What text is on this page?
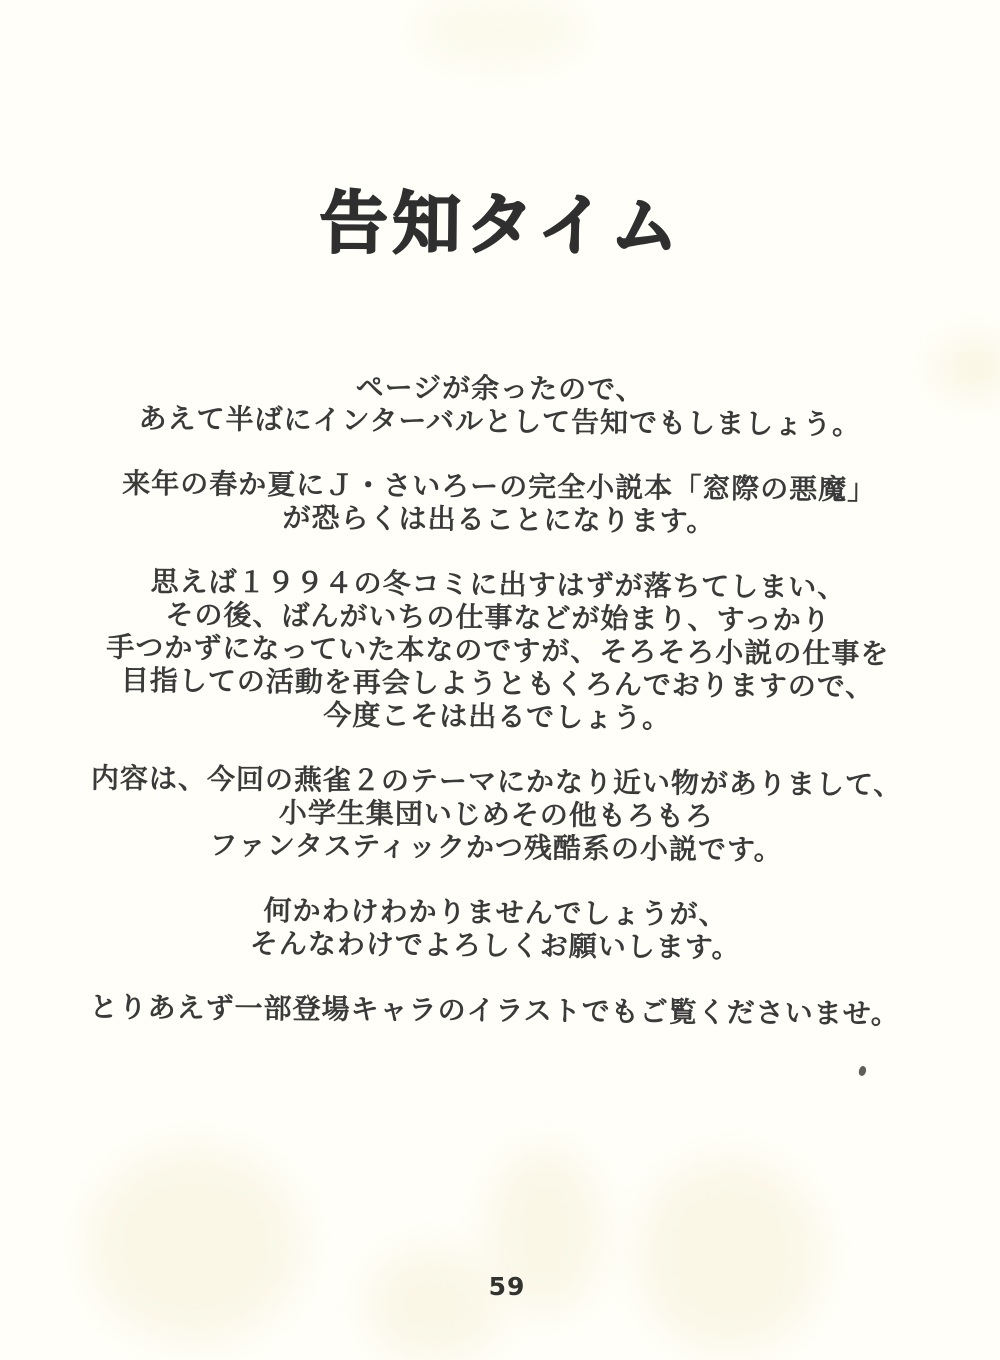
告知タイム

ページが余ったので、
あえて半ばにインターバルとして告知でもしましょう。

来年の春か夏にＪ・さいろーの完全小説本「窓際の悪魔」
が恐らくは出ることになります。

思えば１９９４の冬コミに出すはずが落ちてしまい、
その後、ばんがいちの仕事などが始まり、すっかり
手つかずになっていた本なのですが、そろそろ小説の仕事を
目指しての活動を再会しようともくろんでおりますので、
今度こそは出るでしょう。

内容は、今回の燕雀２のテーマにかなり近い物がありまして、
小学生集団いじめその他もろもろ
ファンタスティックかつ残酷系の小説です。

何かわけわかりませんでしょうが、
そんなわけでよろしくお願いします。

とりあえず一部登場キャラのイラストでもご覧くださいませ。

59
